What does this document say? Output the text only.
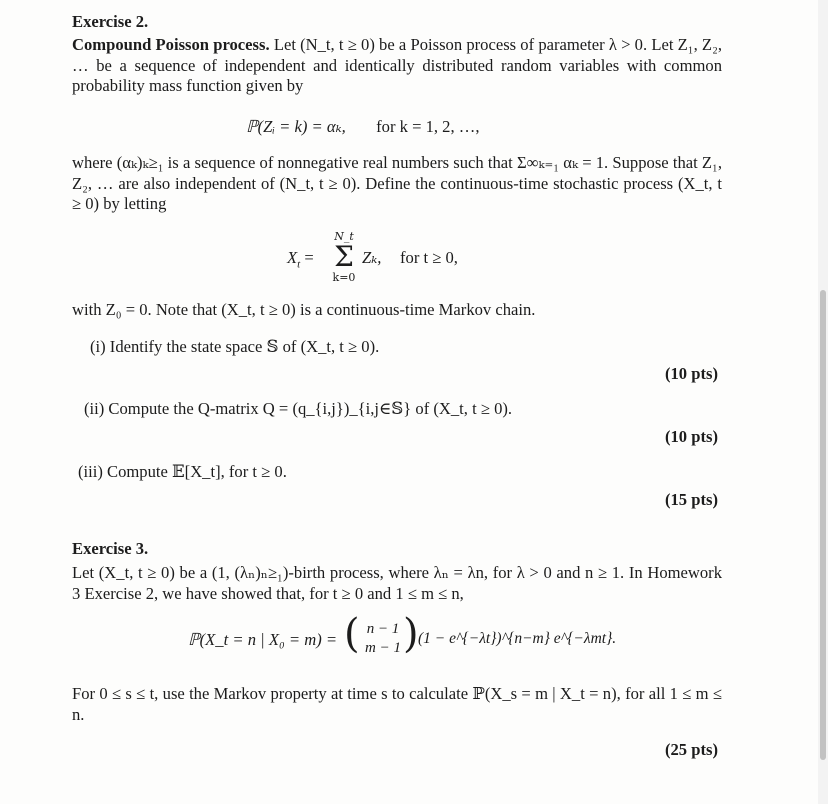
Exercise 2.
Compound Poisson process. Let (N_t, t ≥ 0) be a Poisson process of parameter λ > 0. Let Z₁, Z₂, … be a sequence of independent and identically distributed random variables with common probability mass function given by
ℙ(Zᵢ = k) = αₖ, for k = 1, 2, …,
where (αₖ)ₖ≥₁ is a sequence of nonnegative real numbers such that Σ∞ₖ₌₁ αₖ = 1. Suppose that Z₁, Z₂, … are also independent of (N_t, t ≥ 0). Define the continuous-time stochastic process (X_t, t ≥ 0) by letting
$X_t$ =
N_t
Σ
k=0
Zₖ, for t ≥ 0,
with Z₀ = 0. Note that (X_t, t ≥ 0) is a continuous-time Markov chain.
(i) Identify the state space 𝕊 of (X_t, t ≥ 0).
(10 pts)
(ii) Compute the Q-matrix Q = (q_{i,j})_{i,j∈𝕊} of (X_t, t ≥ 0).
(10 pts)
(iii) Compute 𝔼[X_t], for t ≥ 0.
(15 pts)
Exercise 3.
Let (X_t, t ≥ 0) be a (1, (λₙ)ₙ≥₁)-birth process, where λₙ = λn, for λ > 0 and n ≥ 1. In Homework 3 Exercise 2, we have showed that, for t ≥ 0 and 1 ≤ m ≤ n,
ℙ(X_t = n | X₀ = m) = ( n − 1
m − 1 ) (1 − e^{−λt})^{n−m} e^{−λmt}.
For 0 ≤ s ≤ t, use the Markov property at time s to calculate ℙ(X_s = m | X_t = n), for all 1 ≤ m ≤ n.
(25 pts)
